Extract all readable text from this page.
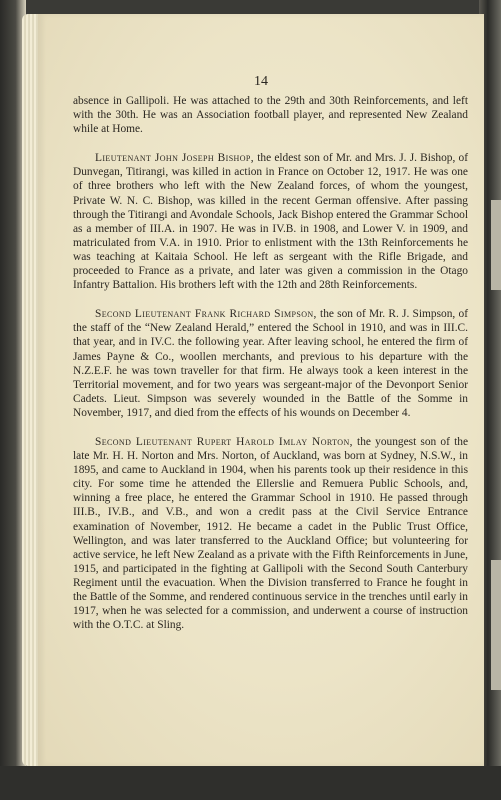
14

absence in Gallipoli. He was attached to the 29th and 30th Reinforcements, and left with the 30th. He was an Association football player, and represented New Zealand while at Home.

Lieutenant John Joseph Bishop, the eldest son of Mr. and Mrs. J. J. Bishop, of Dunvegan, Titirangi, was killed in action in France on October 12, 1917. He was one of three brothers who left with the New Zealand forces, of whom the youngest, Private W. N. C. Bishop, was killed in the recent German offensive. After passing through the Titirangi and Avondale Schools, Jack Bishop entered the Grammar School as a member of III.A. in 1907. He was in IV.B. in 1908, and Lower V. in 1909, and matriculated from V.A. in 1910. Prior to enlistment with the 13th Reinforcements he was teaching at Kaitaia School. He left as sergeant with the Rifle Brigade, and proceeded to France as a private, and later was given a commission in the Otago Infantry Battalion. His brothers left with the 12th and 28th Reinforcements.

Second Lieutenant Frank Richard Simpson, the son of Mr. R. J. Simpson, of the staff of the “New Zealand Herald,” entered the School in 1910, and was in III.C. that year, and in IV.C. the following year. After leaving school, he entered the firm of James Payne & Co., woollen merchants, and previous to his departure with the N.Z.E.F. he was town traveller for that firm. He always took a keen interest in the Territorial movement, and for two years was sergeant-major of the Devonport Senior Cadets. Lieut. Simpson was severely wounded in the Battle of the Somme in November, 1917, and died from the effects of his wounds on December 4.

Second Lieutenant Rupert Harold Imlay Norton, the youngest son of the late Mr. H. H. Norton and Mrs. Norton, of Auckland, was born at Sydney, N.S.W., in 1895, and came to Auckland in 1904, when his parents took up their residence in this city. For some time he attended the Ellerslie and Remuera Public Schools, and, winning a free place, he entered the Grammar School in 1910. He passed through III.B., IV.B., and V.B., and won a credit pass at the Civil Service Entrance examination of November, 1912. He became a cadet in the Public Trust Office, Wellington, and was later transferred to the Auckland Office; but volunteering for active service, he left New Zealand as a private with the Fifth Reinforcements in June, 1915, and participated in the fighting at Gallipoli with the Second South Canterbury Regiment until the evacuation. When the Division transferred to France he fought in the Battle of the Somme, and rendered continuous service in the trenches until early in 1917, when he was selected for a commission, and underwent a course of instruction with the O.T.C. at Sling.
